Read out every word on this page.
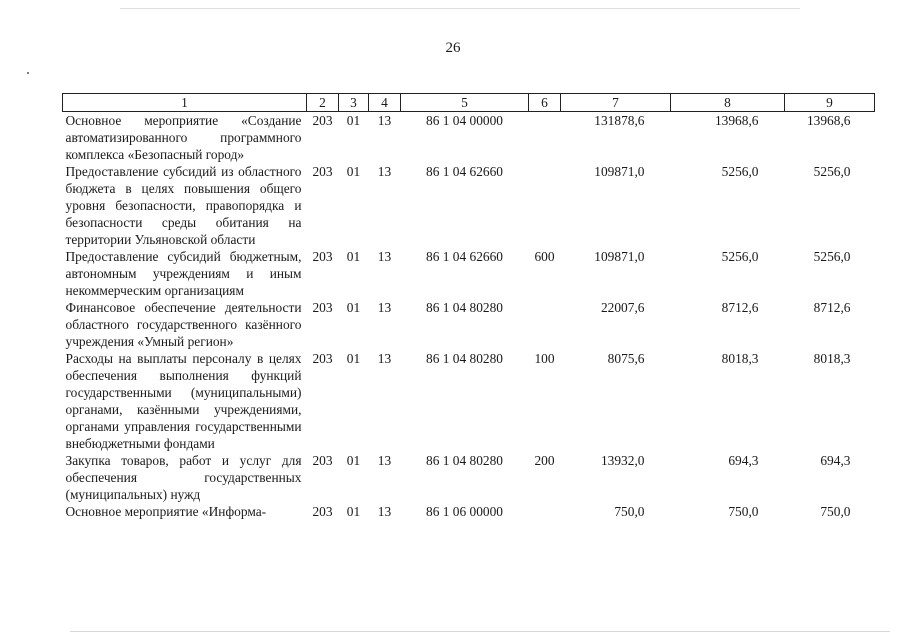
26
1	2	3	4	5	6	7	8	9
Основное мероприятие «Создание автоматизированного программного комплекса «Безопасный город»	203	01	13	86 1 04 00000		131878,6	13968,6	13968,6
Предоставление субсидий из областного бюджета в целях повышения общего уровня безопасности, правопорядка и безопасности среды обитания на территории Ульяновской области	203	01	13	86 1 04 62660		109871,0	5256,0	5256,0
Предоставление субсидий бюджетным, автономным учреждениям и иным некоммерческим организациям	203	01	13	86 1 04 62660	600	109871,0	5256,0	5256,0
Финансовое обеспечение деятельности областного государственного казённого учреждения «Умный регион»	203	01	13	86 1 04 80280		22007,6	8712,6	8712,6
Расходы на выплаты персоналу в целях обеспечения выполнения функций государственными (муниципальными) органами, казёнными учреждениями, органами управления государственными внебюджетными фондами	203	01	13	86 1 04 80280	100	8075,6	8018,3	8018,3
Закупка товаров, работ и услуг для обеспечения государственных (муниципальных) нужд	203	01	13	86 1 04 80280	200	13932,0	694,3	694,3
Основное мероприятие «Информа-	203	01	13	86 1 06 00000		750,0	750,0	750,0
